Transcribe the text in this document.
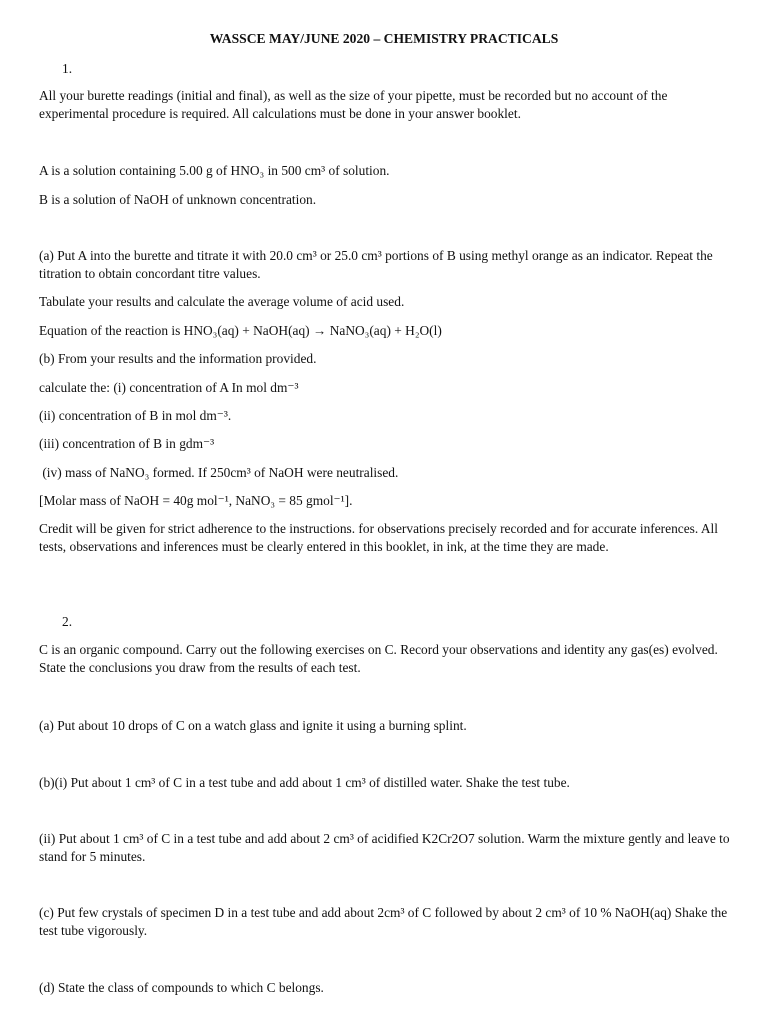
WASSCE MAY/JUNE 2020 – CHEMISTRY PRACTICALS
1.

All your burette readings (initial and final), as well as the size of your pipette, must be recorded but no account of the experimental procedure is required. All calculations must be done in your answer booklet.

A is a solution containing 5.00 g of HNO₃ in 500 cm³ of solution.

B is a solution of NaOH of unknown concentration.

(a) Put A into the burette and titrate it with 20.0 cm³ or 25.0 cm³ portions of B using methyl orange as an indicator. Repeat the titration to obtain concordant titre values.

Tabulate your results and calculate the average volume of acid used.

Equation of the reaction is HNO₃(aq) + NaOH(aq) → NaNO₃(aq) + H₂O(l)

(b) From your results and the information provided.

calculate the: (i) concentration of A In mol dm⁻³

(ii) concentration of B in mol dm⁻³.

(iii) concentration of B in gdm⁻³

(iv) mass of NaNO₃ formed. If 250cm³ of NaOH were neutralised.

[Molar mass of NaOH = 40g mol⁻¹, NaNO₃ = 85 gmol⁻¹].

Credit will be given for strict adherence to the instructions. for observations precisely recorded and for accurate inferences. All tests, observations and inferences must be clearly entered in this booklet, in ink, at the time they are made.

2.

C is an organic compound. Carry out the following exercises on C. Record your observations and identity any gas(es) evolved. State the conclusions you draw from the results of each test.

(a) Put about 10 drops of C on a watch glass and ignite it using a burning splint.

(b)(i) Put about 1 cm³ of C in a test tube and add about 1 cm³ of distilled water. Shake the test tube.

(ii) Put about 1 cm³ of C in a test tube and add about 2 cm³ of acidified K2Cr2O7 solution. Warm the mixture gently and leave to stand for 5 minutes.

(c) Put few crystals of specimen D in a test tube and add about 2cm³ of C followed by about 2 cm³ of 10 % NaOH(aq) Shake the test tube vigorously.

(d) State the class of compounds to which C belongs.
